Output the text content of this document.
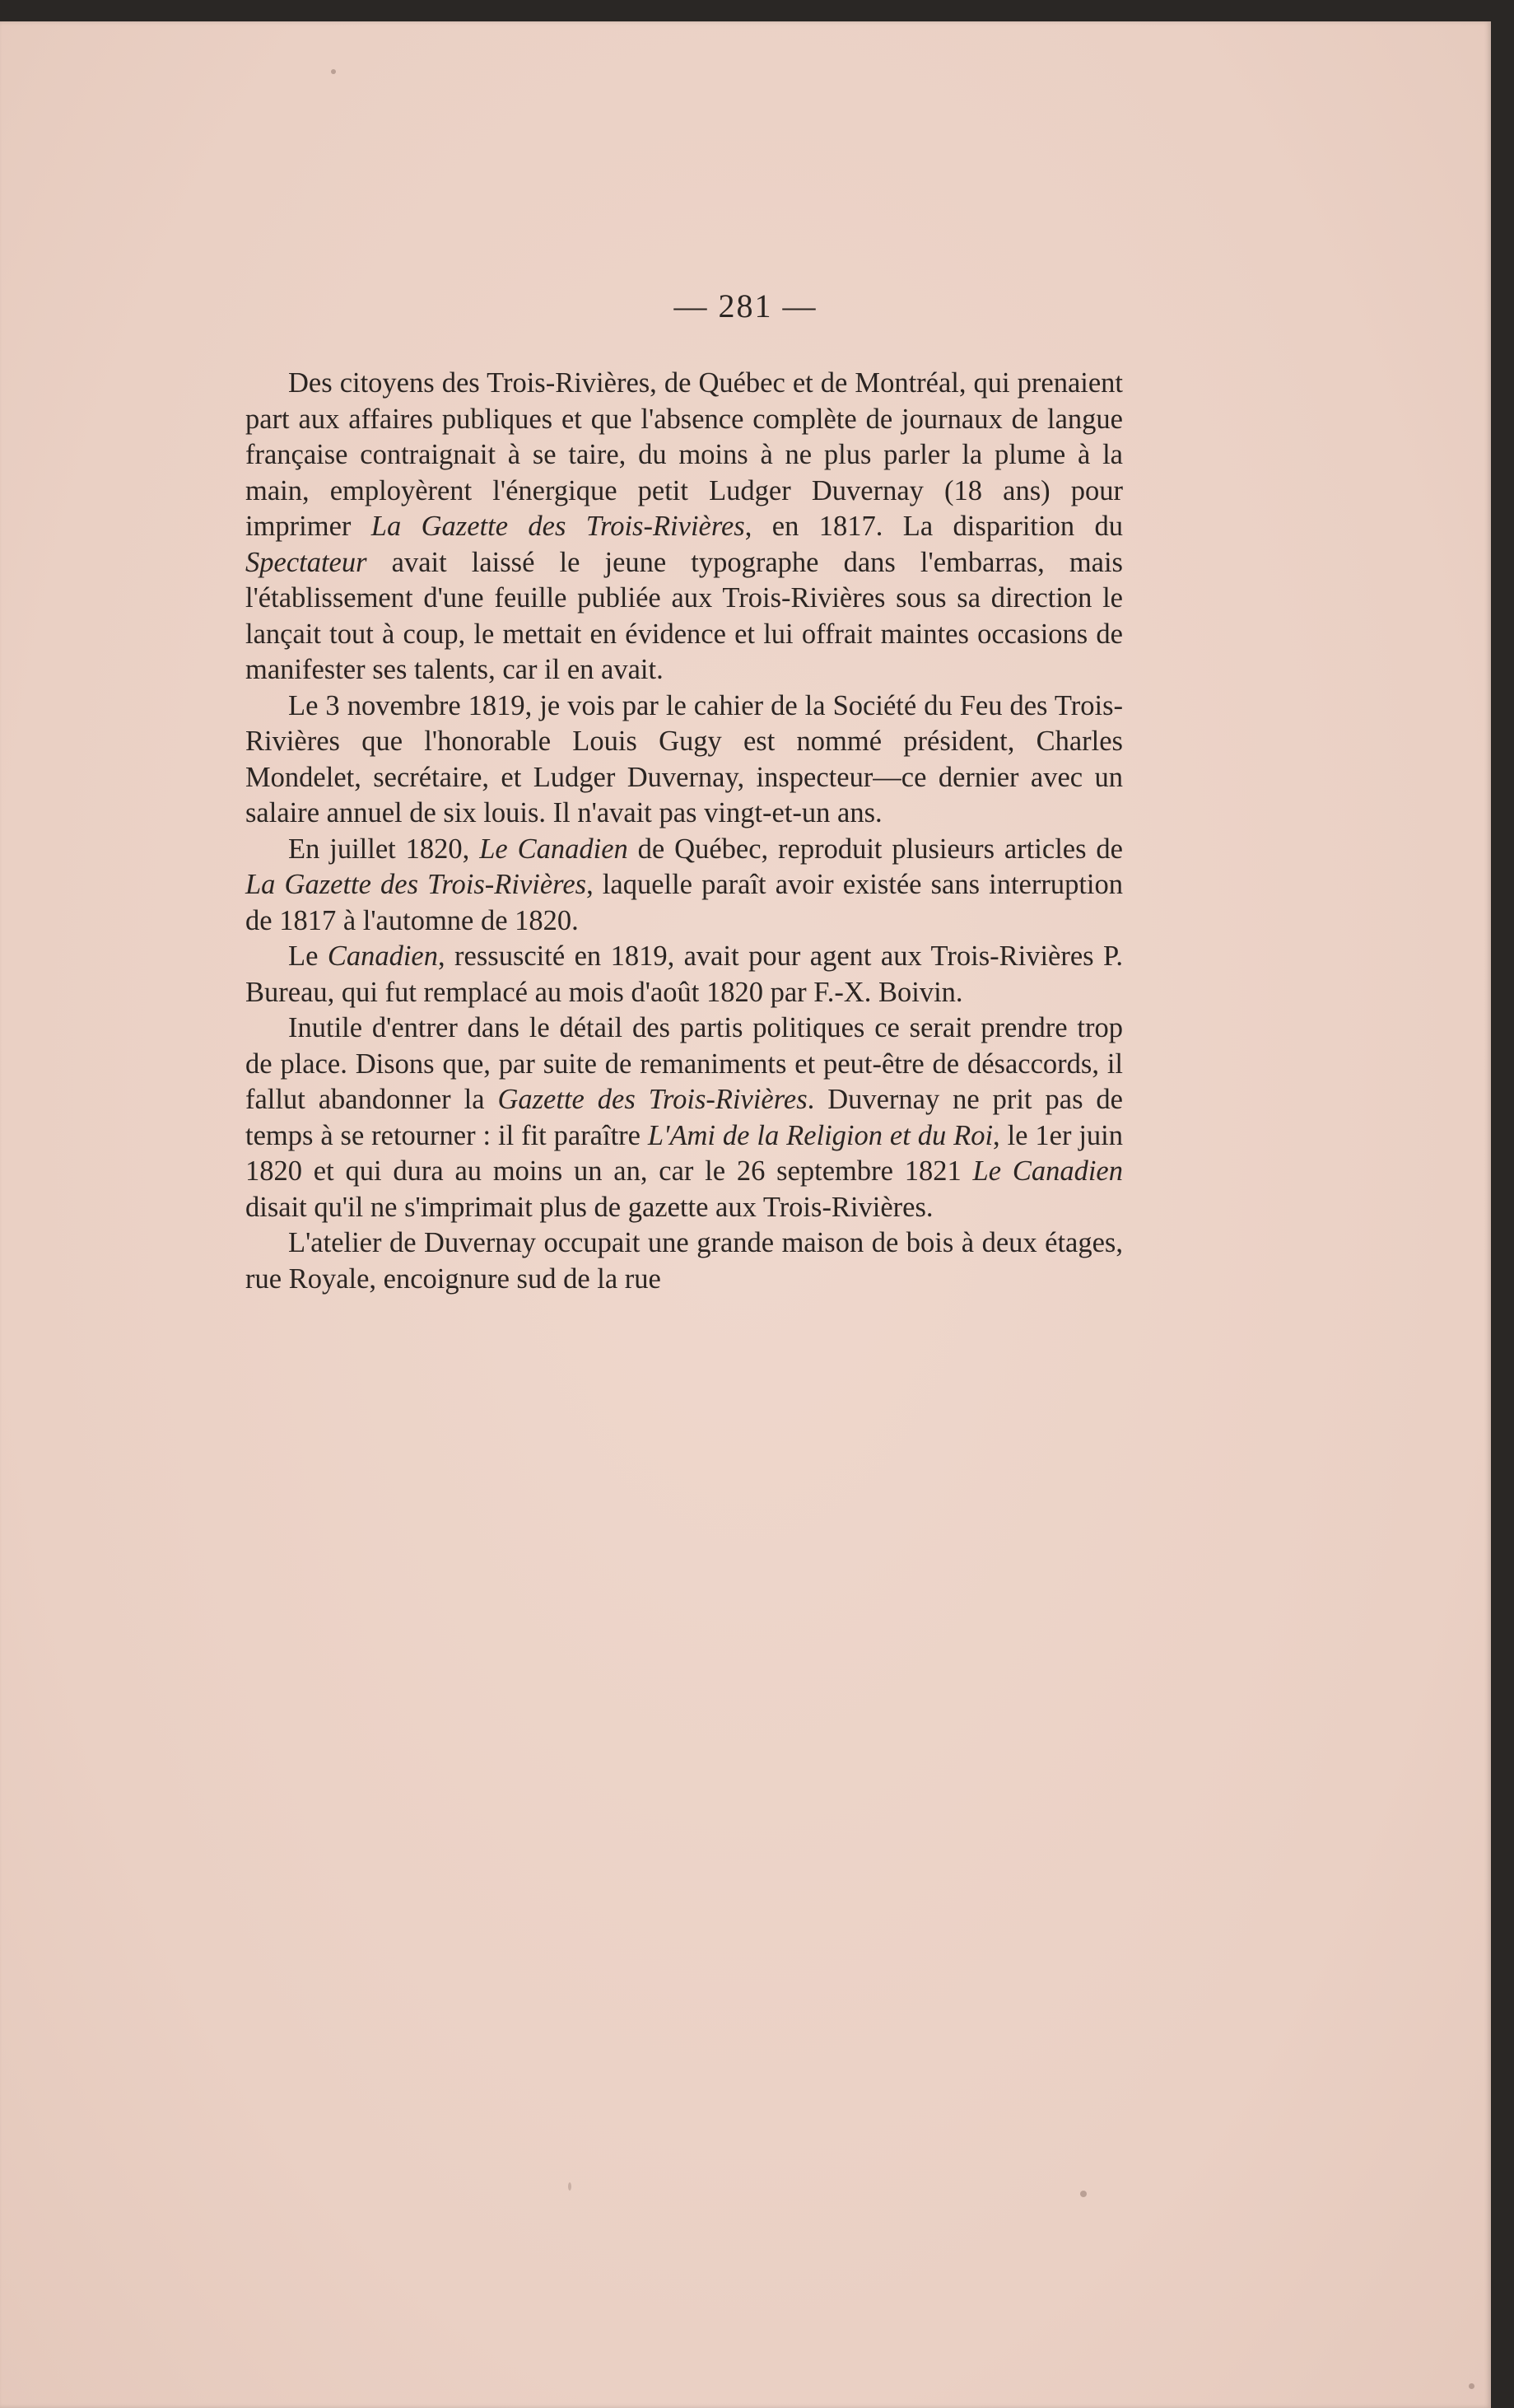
— 281 —

Des citoyens des Trois-Rivières, de Québec et de Montréal, qui prenaient part aux affaires publiques et que l'absence complète de journaux de langue française contraignait à se taire, du moins à ne plus parler la plume à la main, employèrent l'énergique petit Ludger Duvernay (18 ans) pour imprimer La Gazette des Trois-Rivières, en 1817. La disparition du Spectateur avait laissé le jeune typographe dans l'embarras, mais l'établissement d'une feuille publiée aux Trois-Rivières sous sa direction le lançait tout à coup, le mettait en évidence et lui offrait maintes occasions de manifester ses talents, car il en avait.

Le 3 novembre 1819, je vois par le cahier de la Société du Feu des Trois-Rivières que l'honorable Louis Gugy est nommé président, Charles Mondelet, secrétaire, et Ludger Duvernay, inspecteur—ce dernier avec un salaire annuel de six louis. Il n'avait pas vingt-et-un ans.

En juillet 1820, Le Canadien de Québec, reproduit plusieurs articles de La Gazette des Trois-Rivières, laquelle paraît avoir existée sans interruption de 1817 à l'automne de 1820.

Le Canadien, ressuscité en 1819, avait pour agent aux Trois-Rivières P. Bureau, qui fut remplacé au mois d'août 1820 par F.-X. Boivin.

Inutile d'entrer dans le détail des partis politiques ce serait prendre trop de place. Disons que, par suite de remaniments et peut-être de désaccords, il fallut abandonner la Gazette des Trois-Rivières. Duvernay ne prit pas de temps à se retourner : il fit paraître L'Ami de la Religion et du Roi, le 1er juin 1820 et qui dura au moins un an, car le 26 septembre 1821 Le Canadien disait qu'il ne s'imprimait plus de gazette aux Trois-Rivières.

L'atelier de Duvernay occupait une grande maison de bois à deux étages, rue Royale, encoignure sud de la rue
